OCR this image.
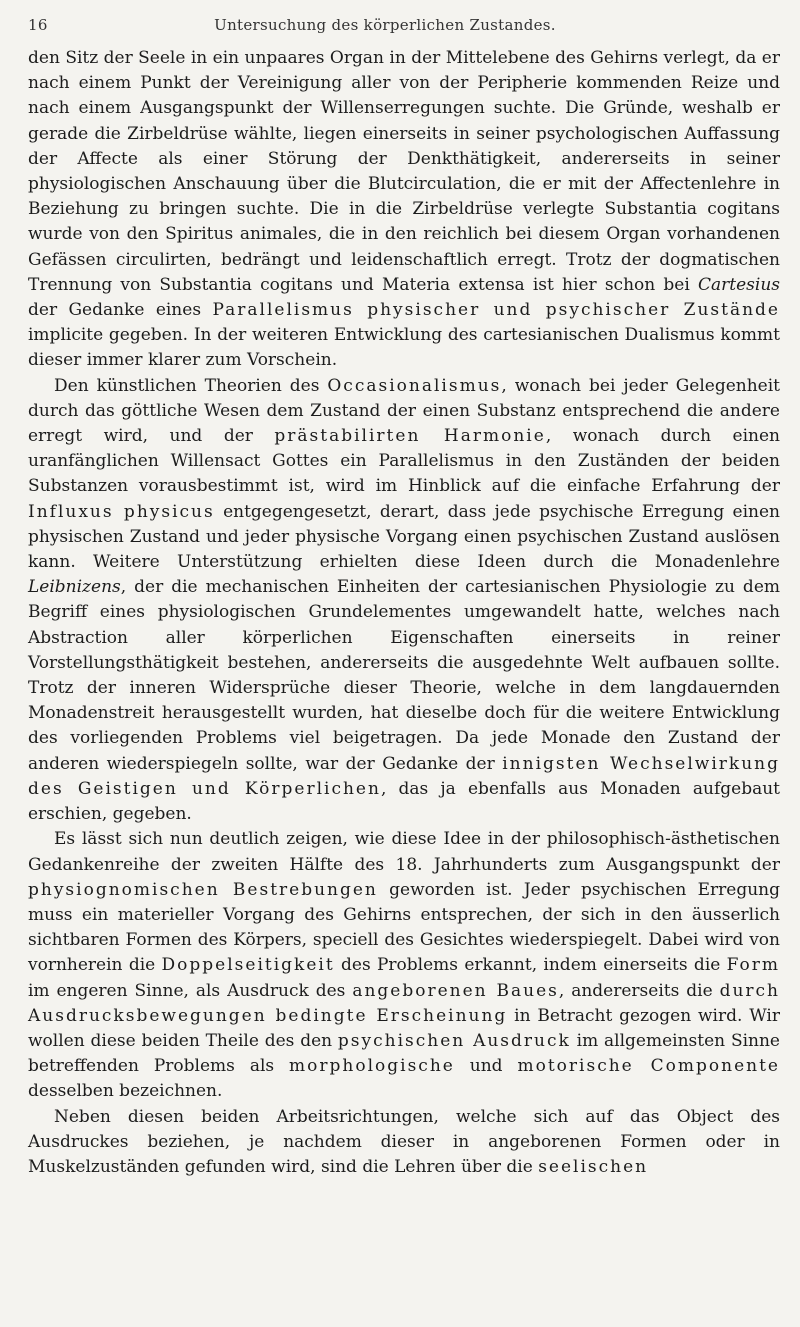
16	Untersuchung des körperlichen Zustandes.

den Sitz der Seele in ein unpaares Organ in der Mittelebene des Gehirns verlegt, da er nach einem Punkt der Vereinigung aller von der Peripherie kommenden Reize und nach einem Ausgangspunkt der Willenserregungen suchte. Die Gründe, weshalb er gerade die Zirbeldrüse wählte, liegen einerseits in seiner psychologischen Auffassung der Affecte als einer Störung der Denkthätigkeit, andererseits in seiner physiologischen Anschauung über die Blutcirculation, die er mit der Affectenlehre in Beziehung zu bringen suchte. Die in die Zirbeldrüse verlegte Substantia cogitans wurde von den Spiritus animales, die in den reichlich bei diesem Organ vorhandenen Gefässen circulirten, bedrängt und leidenschaftlich erregt. Trotz der dogmatischen Trennung von Substantia cogitans und Materia extensa ist hier schon bei Cartesius der Gedanke eines Parallelismus physischer und psychischer Zustände implicite gegeben. In der weiteren Entwicklung des cartesianischen Dualismus kommt dieser immer klarer zum Vorschein.

Den künstlichen Theorien des Occasionalismus, wonach bei jeder Gelegenheit durch das göttliche Wesen dem Zustand der einen Substanz entsprechend die andere erregt wird, und der prästabilirten Harmonie, wonach durch einen uranfänglichen Willensact Gottes ein Parallelismus in den Zuständen der beiden Substanzen vorausbestimmt ist, wird im Hinblick auf die einfache Erfahrung der Influxus physicus entgegengesetzt, derart, dass jede psychische Erregung einen physischen Zustand und jeder physische Vorgang einen psychischen Zustand auslösen kann. Weitere Unterstützung erhielten diese Ideen durch die Monadenlehre Leibnizens, der die mechanischen Einheiten der cartesianischen Physiologie zu dem Begriff eines physiologischen Grundelementes umgewandelt hatte, welches nach Abstraction aller körperlichen Eigenschaften einerseits in reiner Vorstellungsthätigkeit bestehen, andererseits die ausgedehnte Welt aufbauen sollte. Trotz der inneren Widersprüche dieser Theorie, welche in dem langdauernden Monadenstreit herausgestellt wurden, hat dieselbe doch für die weitere Entwicklung des vorliegenden Problems viel beigetragen. Da jede Monade den Zustand der anderen wiederspiegeln sollte, war der Gedanke der innigsten Wechselwirkung des Geistigen und Körperlichen, das ja ebenfalls aus Monaden aufgebaut erschien, gegeben.

Es lässt sich nun deutlich zeigen, wie diese Idee in der philosophisch-ästhetischen Gedankenreihe der zweiten Hälfte des 18. Jahrhunderts zum Ausgangspunkt der physiognomischen Bestrebungen geworden ist. Jeder psychischen Erregung muss ein materieller Vorgang des Gehirns entsprechen, der sich in den äusserlich sichtbaren Formen des Körpers, speciell des Gesichtes wiederspiegelt. Dabei wird von vornherein die Doppelseitigkeit des Problems erkannt, indem einerseits die Form im engeren Sinne, als Ausdruck des angeborenen Baues, andererseits die durch Ausdrucksbewegungen bedingte Erscheinung in Betracht gezogen wird. Wir wollen diese beiden Theile des den psychischen Ausdruck im allgemeinsten Sinne betreffenden Problems als morphologische und motorische Componente desselben bezeichnen.

Neben diesen beiden Arbeitsrichtungen, welche sich auf das Object des Ausdruckes beziehen, je nachdem dieser in angeborenen Formen oder in Muskelzuständen gefunden wird, sind die Lehren über die seelischen
